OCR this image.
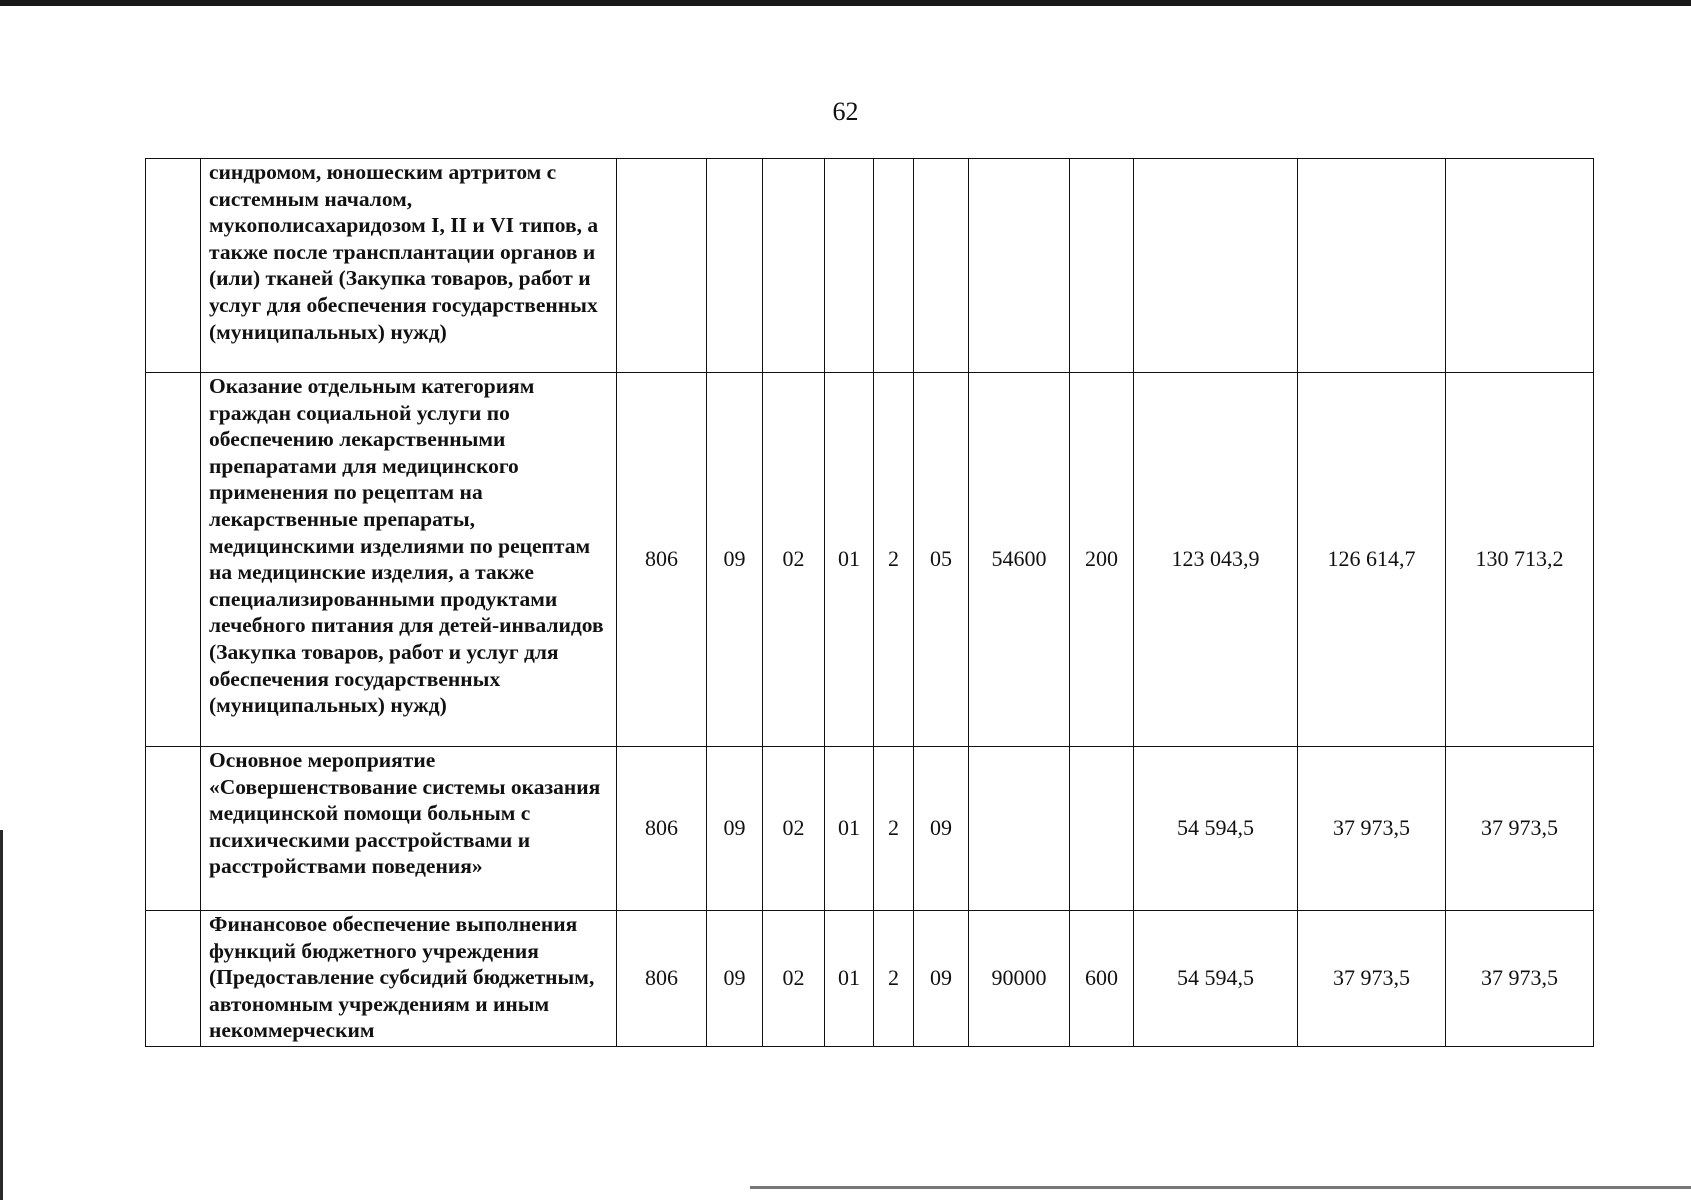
62
	синдромом, юношеским артритом с системным началом, мукополисахаридозом I, II и VI типов, а также после трансплантации органов и (или) тканей (Закупка товаров, работ и услуг для обеспечения государственных (муниципальных) нужд)											
	Оказание отдельным категориям граждан социальной услуги по обеспечению лекарственными препаратами для медицинского применения по рецептам на лекарственные препараты, медицинскими изделиями по рецептам на медицинские изделия, а также специализированными продуктами лечебного питания для детей-инвалидов (Закупка товаров, работ и услуг для обеспечения государственных (муниципальных) нужд)	806	09	02	01	2	05	54600	200	123 043,9	126 614,7	130 713,2
	Основное мероприятие «Совершенствование системы оказания медицинской помощи больным с психическими расстройствами и расстройствами поведения»	806	09	02	01	2	09			54 594,5	37 973,5	37 973,5
	Финансовое обеспечение выполнения функций бюджетного учреждения (Предоставление субсидий бюджетным, автономным учреждениям и иным некоммерческим	806	09	02	01	2	09	90000	600	54 594,5	37 973,5	37 973,5
